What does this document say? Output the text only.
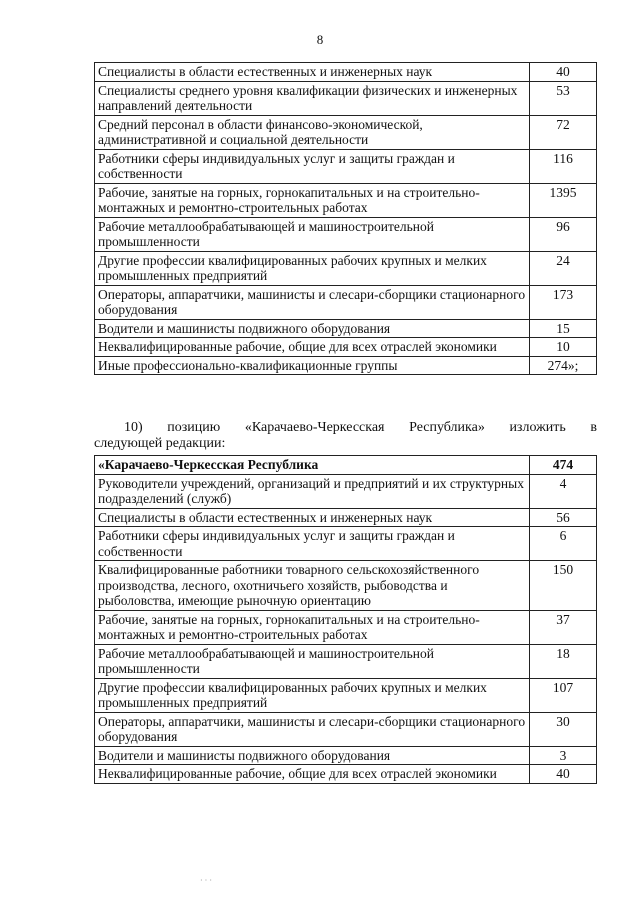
8
Специалисты в области естественных и инженерных наук	40
Специалисты среднего уровня квалификации физических и инженерных направлений деятельности	53
Средний персонал в области финансово-экономической, административной и социальной деятельности	72
Работники сферы индивидуальных услуг и защиты граждан и собственности	116
Рабочие, занятые на горных, горнокапитальных и на строительно-монтажных и ремонтно-строительных работах	1395
Рабочие металлообрабатывающей и машиностроительной промышленности	96
Другие профессии квалифицированных рабочих крупных и мелких промышленных предприятий	24
Операторы, аппаратчики, машинисты и слесари-сборщики стационарного оборудования	173
Водители и машинисты подвижного оборудования	15
Неквалифицированные рабочие, общие для всех отраслей экономики	10
Иные профессионально-квалификационные группы	274»;
10) позицию «Карачаево-Черкесская Республика» изложить в
следующей редакции:
«Карачаево-Черкесская Республика	474
Руководители учреждений, организаций и предприятий и их структурных подразделений (служб)	4
Специалисты в области естественных и инженерных наук	56
Работники сферы индивидуальных услуг и защиты граждан и собственности	6
Квалифицированные работники товарного сельскохозяйственного производства, лесного, охотничьего хозяйств, рыбоводства и рыболовства, имеющие рыночную ориентацию	150
Рабочие, занятые на горных, горнокапитальных и на строительно-монтажных и ремонтно-строительных работах	37
Рабочие металлообрабатывающей и машиностроительной промышленности	18
Другие профессии квалифицированных рабочих крупных и мелких промышленных предприятий	107
Операторы, аппаратчики, машинисты и слесари-сборщики стационарного оборудования	30
Водители и машинисты подвижного оборудования	3
Неквалифицированные рабочие, общие для всех отраслей экономики	40
· · ·
